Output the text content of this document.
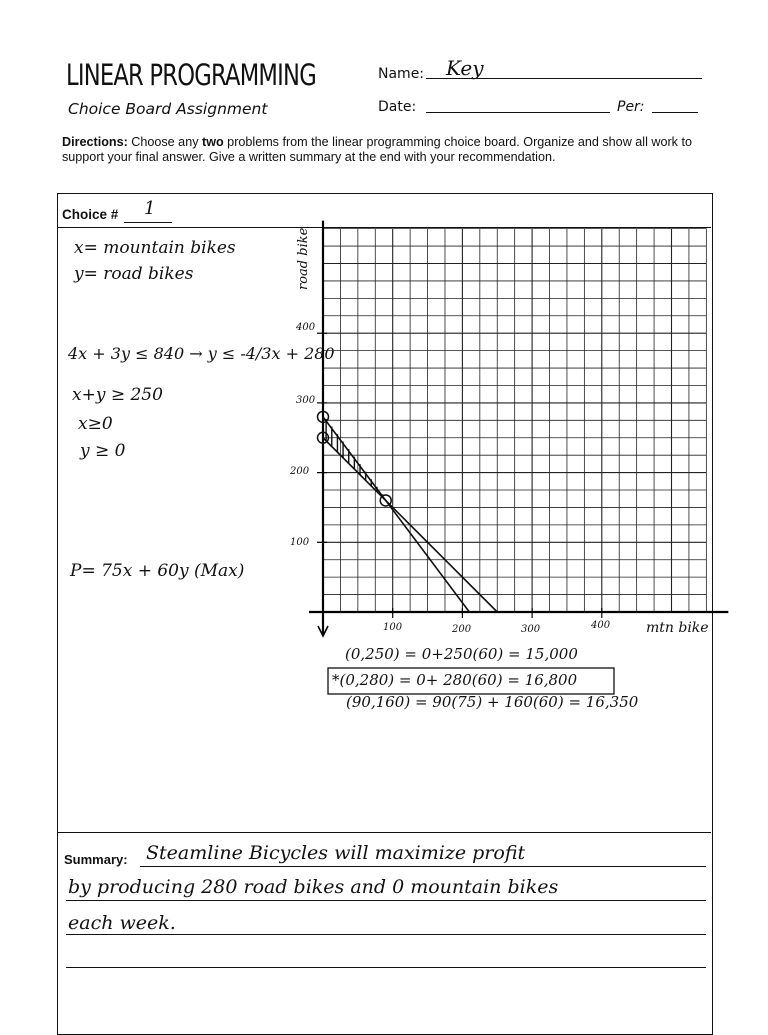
LINEAR PROGRAMMING
Choice Board Assignment
Name: Key
Date:	Per:
Directions: Choose any two problems from the linear programming choice board. Organize and show all work to support your final answer. Give a written summary at the end with your recommendation.
Choice # 1
x= mountain bikes
y= road bikes
4x + 3y ≤ 840 → y ≤ -4/3x + 280
x+y ≥ 250
x≥0
y ≥ 0
P= 75x + 60y (Max)
road bike
mtn bike
400
300
200
100
100	200	300	400
(0,250) = 0+250(60) = 15,000
*(0,280) = 0+ 280(60) = 16,800
(90,160) = 90(75) + 160(60) = 16,350
Summary: Steamline Bicycles will maximize profit
by producing 280 road bikes and 0 mountain bikes
each week.
